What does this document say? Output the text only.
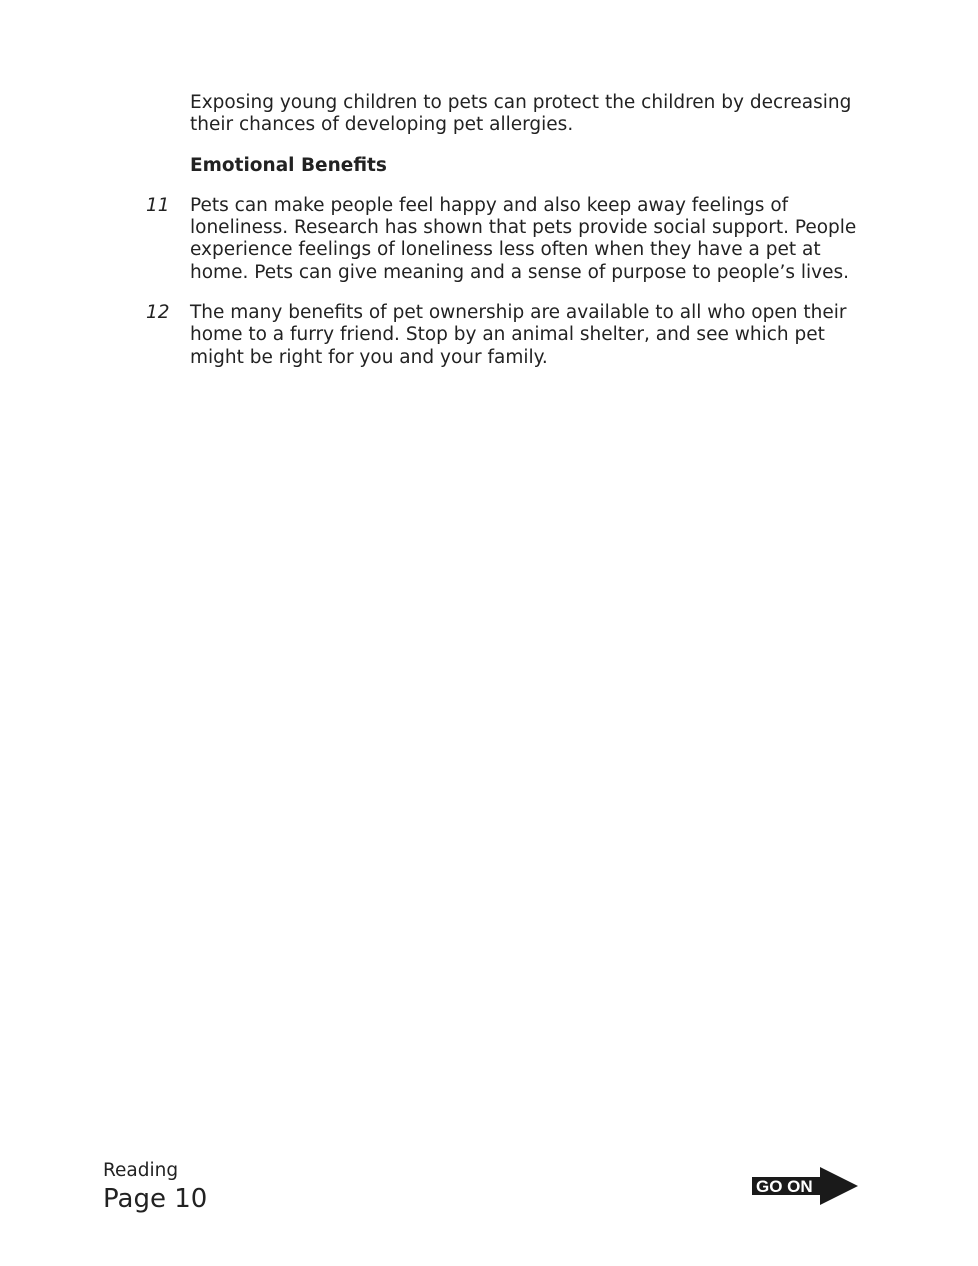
Exposing young children to pets can protect the children by decreasing their chances of developing pet allergies.

Emotional Benefits

11 Pets can make people feel happy and also keep away feelings of loneliness. Research has shown that pets provide social support. People experience feelings of loneliness less often when they have a pet at home. Pets can give meaning and a sense of purpose to people’s lives.

12 The many benefits of pet ownership are available to all who open their home to a furry friend. Stop by an animal shelter, and see which pet might be right for you and your family.

Reading
Page 10	GO ON
